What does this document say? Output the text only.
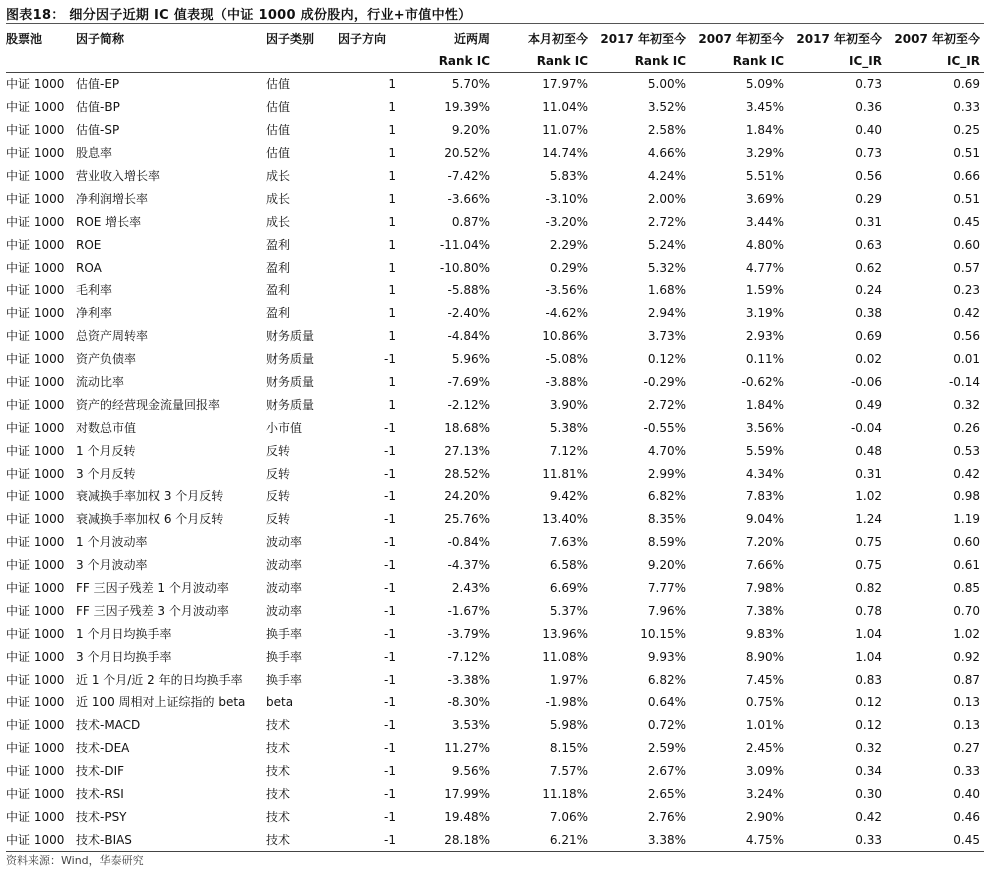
图表18： 细分因子近期 IC 值表现（中证 1000 成份股内，行业+市值中性）
股票池	因子简称	因子类别	因子方向	近两周	本月初至今	2017 年初至今	2007 年初至今	2017 年初至今	2007 年初至今
				Rank IC	Rank IC	Rank IC	Rank IC	IC_IR	IC_IR
中证 1000	估值-EP	估值	1	5.70%	17.97%	5.00%	5.09%	0.73	0.69
中证 1000	估值-BP	估值	1	19.39%	11.04%	3.52%	3.45%	0.36	0.33
中证 1000	估值-SP	估值	1	9.20%	11.07%	2.58%	1.84%	0.40	0.25
中证 1000	股息率	估值	1	20.52%	14.74%	4.66%	3.29%	0.73	0.51
中证 1000	营业收入增长率	成长	1	-7.42%	5.83%	4.24%	5.51%	0.56	0.66
中证 1000	净利润增长率	成长	1	-3.66%	-3.10%	2.00%	3.69%	0.29	0.51
中证 1000	ROE 增长率	成长	1	0.87%	-3.20%	2.72%	3.44%	0.31	0.45
中证 1000	ROE	盈利	1	-11.04%	2.29%	5.24%	4.80%	0.63	0.60
中证 1000	ROA	盈利	1	-10.80%	0.29%	5.32%	4.77%	0.62	0.57
中证 1000	毛利率	盈利	1	-5.88%	-3.56%	1.68%	1.59%	0.24	0.23
中证 1000	净利率	盈利	1	-2.40%	-4.62%	2.94%	3.19%	0.38	0.42
中证 1000	总资产周转率	财务质量	1	-4.84%	10.86%	3.73%	2.93%	0.69	0.56
中证 1000	资产负债率	财务质量	-1	5.96%	-5.08%	0.12%	0.11%	0.02	0.01
中证 1000	流动比率	财务质量	1	-7.69%	-3.88%	-0.29%	-0.62%	-0.06	-0.14
中证 1000	资产的经营现金流量回报率	财务质量	1	-2.12%	3.90%	2.72%	1.84%	0.49	0.32
中证 1000	对数总市值	小市值	-1	18.68%	5.38%	-0.55%	3.56%	-0.04	0.26
中证 1000	1 个月反转	反转	-1	27.13%	7.12%	4.70%	5.59%	0.48	0.53
中证 1000	3 个月反转	反转	-1	28.52%	11.81%	2.99%	4.34%	0.31	0.42
中证 1000	衰减换手率加权 3 个月反转	反转	-1	24.20%	9.42%	6.82%	7.83%	1.02	0.98
中证 1000	衰减换手率加权 6 个月反转	反转	-1	25.76%	13.40%	8.35%	9.04%	1.24	1.19
中证 1000	1 个月波动率	波动率	-1	-0.84%	7.63%	8.59%	7.20%	0.75	0.60
中证 1000	3 个月波动率	波动率	-1	-4.37%	6.58%	9.20%	7.66%	0.75	0.61
中证 1000	FF 三因子残差 1 个月波动率	波动率	-1	2.43%	6.69%	7.77%	7.98%	0.82	0.85
中证 1000	FF 三因子残差 3 个月波动率	波动率	-1	-1.67%	5.37%	7.96%	7.38%	0.78	0.70
中证 1000	1 个月日均换手率	换手率	-1	-3.79%	13.96%	10.15%	9.83%	1.04	1.02
中证 1000	3 个月日均换手率	换手率	-1	-7.12%	11.08%	9.93%	8.90%	1.04	0.92
中证 1000	近 1 个月/近 2 年的日均换手率	换手率	-1	-3.38%	1.97%	6.82%	7.45%	0.83	0.87
中证 1000	近 100 周相对上证综指的 beta	beta	-1	-8.30%	-1.98%	0.64%	0.75%	0.12	0.13
中证 1000	技术-MACD	技术	-1	3.53%	5.98%	0.72%	1.01%	0.12	0.13
中证 1000	技术-DEA	技术	-1	11.27%	8.15%	2.59%	2.45%	0.32	0.27
中证 1000	技术-DIF	技术	-1	9.56%	7.57%	2.67%	3.09%	0.34	0.33
中证 1000	技术-RSI	技术	-1	17.99%	11.18%	2.65%	3.24%	0.30	0.40
中证 1000	技术-PSY	技术	-1	19.48%	7.06%	2.76%	2.90%	0.42	0.46
中证 1000	技术-BIAS	技术	-1	28.18%	6.21%	3.38%	4.75%	0.33	0.45
资料来源：Wind，华泰研究
